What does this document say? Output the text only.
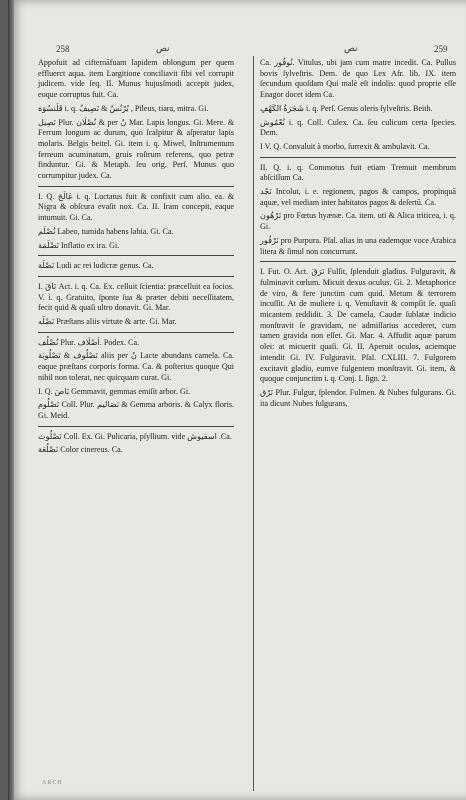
258	نص	نص	259

Appofuit ad cifternāfuam lapidem oblongum per quem effluerct aqua. item Largitione conciliavit fibi vel corrupit judicem. vide ſeq. II. Munus hujusſmodi accepit judex, eoque corruptus fuit. Ca.

قَلَنسُوَة i. q. بُرْنُسٌ & نَصِيفٌ , Pileus, tiara, mitra. Gi.

نَصِيل Plur. نُصْلَان & per نُ Mar. Lapis longus. Gi. Mere. & Ferrum longum ac durum, quo ſcalpitur & aſperatur lapis molaris. Belgis beitel. Gi. item i. q. Miwel, Inſtrumentum ferreum acuminatum, gruis roſtrum referens, quo petræ finduntur. Gi. & Metaph. ſeu orig. Perſ. Munus quo corrumpitur judex. Ca.

I. Q. عَالَجَ i. q. Luctatus fuit & confixit cum alio. ea. & Nigra & obſcura evaſit nox. Ca. II. Iram concepit, eaque intumuit. Gi. Ca.

نُصْلَم Labeo, tumida habens labia. Gi. Ca.

نَصْلَمَة Inflatio ex ira. Gi.

نَصْلَة Ludi ac rei ludicræ genus. Ca.

I. نَاقَ Act. i. q. Ca. Ex. celluit ſcientia: præcelluit ea ſocios. V. i. q. Gratuito, ſponte ſua & præter debiti neceſſitatem, fecit quid & quaſi ultro donavit. Gi. Mar.

نَصْلَه Præſtans aliis virtute & arte. Gi. Mar.

نُصْلُف Plur. اَصْلَاف. Podex. Ca.

نَصْلُوف & نَصْلُوبَة aliis per نُ Lacte abundans camela. Ca. eaque præſtans corporis forma. Ca. & poſterius quoque Qui nihil non tolerat, nec quicquam curat. Gi.

I. Q. نَاصَ Gemmavit, gemmas emiſit arbor. Gi.

نَصْلُوم Coll. Plur. نَصَاليم & Gemma arboris. & Calyx floris. Gi. Meid.

نَصْلُوث Coll. Ex. Gi. Pulicaria, pſyllium. vide اسفيوش .Ca.

نَصْلُعَة Color cinereus. Ca.

Ca. نُوفُور. Vitulus, ubi jam cum matre incedit. Ca. Pullus bovis ſylveſtris. Dem. de quo Lex Afr. lib. IX. item ſecundum quoſdam Qui malè eſt indolis: quod proprie eſſe Enagor docet idem Ca.

شَجَرَةُ الكَهْفِ i. q. Perſ. Genus oleris ſylveſtris. Beith.

نُعْمُوش i. q. Coll. Culex. Ca. ſeu culicum certa ſpecies. Dem.

I V. Q. Convaluit à morbo, ſurrexit & ambulavit. Ca.

II. Q. i. q. Commotus fuit etiam Tremuit membrum abſciſſum Ca.

نَجْد Incolut, i. e. regionem, pagos & campos, propinquā aquæ, vel mediam inter habitatos pagos & deſertū. Ca.

نَرْهُون pro Fœtus hyænæ. Ca. item. uti & Alica triticea, i. q. Gi.

نَرْفُور pro Purpura. Pſal. alias in una eademque voce Arabica litera & ſimul non concurrunt.

I. Fut. O. Act. نَرَقَ Fulſit, ſplenduit gladius. Fulguravit, & fulminavit cœlum. Micuit dexus oculus. Gi. 2. Metaphorice de viro, & fere junctim cum quid. Metum & terrorem incuſſit. At de muliere i. q. Venuſtavit & compſit ſe. quaſi micantem reddidit. 3. De camela, Caudæ ſublatæ indicio monſtravit ſe gravidam, ne admiſſarius accederet, cum tamen gravida non eſſet. Gi. Mar. 4. Affudit aquæ parum olei: at micuerit quaſi. Gi. II. Aperuit oculos, aciemque intendit Gi. IV. Fulguravit. Pſal. CXLIII. 7. Fulgorem excitavit gladio, eumve fulgentem monſtravit. Gi. item, & quoque conjunctim i. q. Conj. I. ſign. 2.

نَرْق Plur. Fulgur, ſplendor. Fulmen. & Nubes fulgurans. Gi. ita dicunt Nubes fulgurans,

ARCH
